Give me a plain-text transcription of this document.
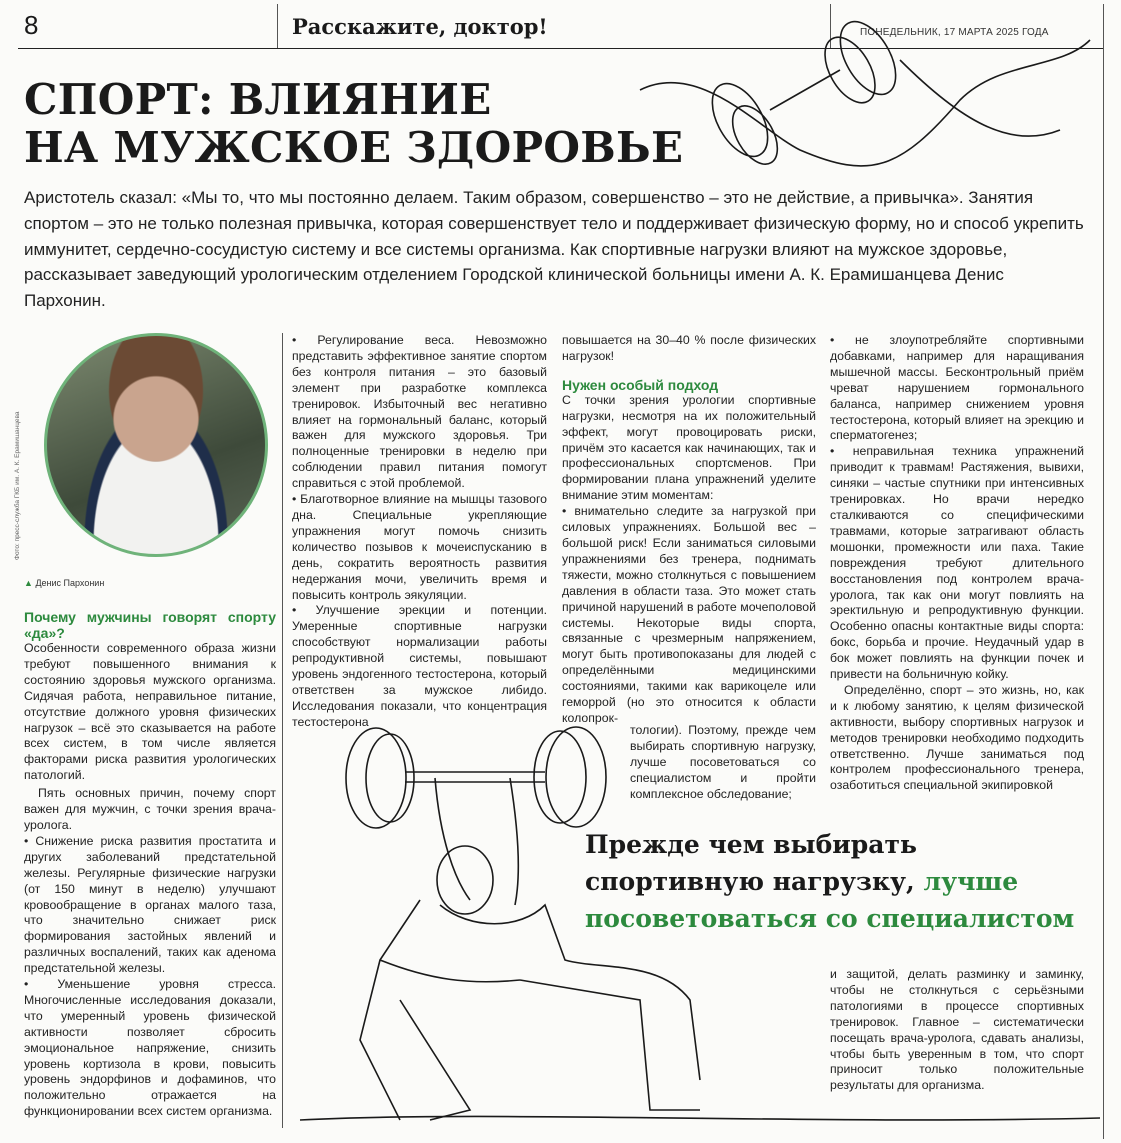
8	Расскажите, доктор!	ПОНЕДЕЛЬНИК, 17 МАРТА 2025 ГОДА
СПОРТ: ВЛИЯНИЕ
НА МУЖСКОЕ ЗДОРОВЬЕ
Аристотель сказал: «Мы то, что мы постоянно делаем. Таким образом, совершенство – это не действие, а привычка». Занятия спортом – это не только полезная привычка, которая совершенствует тело и поддерживает физическую форму, но и способ укрепить иммунитет, сердечно-сосудистую систему и все системы организма. Как спортивные нагрузки влияют на мужское здоровье, рассказывает заведующий урологическим отделением Городской клинической больницы имени А. К. Ерамишанцева Денис Пархонин.
Фото: пресс-служба ГКБ им. А. К. Ерамишанцева
▲ Денис Пархонин

Почему мужчины говорят спорту «да»?

Особенности современного образа жизни требуют повышенного внимания к состоянию здоровья мужского организма. Сидячая работа, неправильное питание, отсутствие должного уровня физических нагрузок – всё это сказывается на работе всех систем, в том числе является факторами риска развития урологических патологий.

Пять основных причин, почему спорт важен для мужчин, с точки зрения врача-уролога.

• Снижение риска развития простатита и других заболеваний предстательной железы. Регулярные физические нагрузки (от 150 минут в неделю) улучшают кровообращение в органах малого таза, что значительно снижает риск формирования застойных явлений и различных воспалений, таких как аденома предстательной железы.

• Уменьшение уровня стресса. Многочисленные исследования доказали, что умеренный уровень физической активности позволяет сбросить эмоциональное напряжение, снизить уровень кортизола в крови, повысить уровень эндорфинов и дофаминов, что положительно отражается на функционировании всех систем организма.

• Регулирование веса. Невозможно представить эффективное занятие спортом без контроля питания – это базовый элемент при разработке комплекса тренировок. Избыточный вес негативно влияет на гормональный баланс, который важен для мужского здоровья. Три полноценные тренировки в неделю при соблюдении правил питания помогут справиться с этой проблемой.

• Благотворное влияние на мышцы тазового дна. Специальные укрепляющие упражнения могут помочь снизить количество позывов к мочеиспусканию в день, сократить вероятность развития недержания мочи, увеличить время и повысить контроль эякуляции.

• Улучшение эрекции и потенции. Умеренные спортивные нагрузки способствуют нормализации работы репродуктивной системы, повышают уровень эндогенного тестостерона, который ответствен за мужское либидо. Исследования показали, что концентрация тестостерона

повышается на 30–40 % после физических нагрузок!

Нужен особый подход

С точки зрения урологии спортивные нагрузки, несмотря на их положительный эффект, могут провоцировать риски, причём это касается как начинающих, так и профессиональных спортсменов. При формировании плана упражнений уделите внимание этим моментам:

• внимательно следите за нагрузкой при силовых упражнениях. Большой вес – большой риск! Если заниматься силовыми упражнениями без тренера, поднимать тяжести, можно столкнуться с повышением давления в области таза. Это может стать причиной нарушений в работе мочеполовой системы. Некоторые виды спорта, связанные с чрезмерным напряжением, могут быть противопоказаны для людей с определёнными медицинскими состояниями, такими как варикоцеле или геморрой (но это относится к области колопрок-

тологии). Поэтому, прежде чем выбирать спортивную нагрузку, лучше посоветоваться со специалистом и пройти комплексное обследование;

• не злоупотребляйте спортивными добавками, например для наращивания мышечной массы. Бесконтрольный приём чреват нарушением гормонального баланса, например снижением уровня тестостерона, который влияет на эрекцию и сперматогенез;

• неправильная техника упражнений приводит к травмам! Растяжения, вывихи, синяки – частые спутники при интенсивных тренировках. Но врачи нередко сталкиваются со специфическими травмами, которые затрагивают область мошонки, промежности или паха. Такие повреждения требуют длительного восстановления под контролем врача-уролога, так как они могут повлиять на эректильную и репродуктивную функции. Особенно опасны контактные виды спорта: бокс, борьба и прочие. Неудачный удар в бок может повлиять на функции почек и привести на больничную койку.

Определённо, спорт – это жизнь, но, как и к любому занятию, к целям физической активности, выбору спортивных нагрузок и методов тренировки необходимо подходить ответственно. Лучше заниматься под контролем профессионального тренера, озаботиться специальной экипировкой

и защитой, делать разминку и заминку, чтобы не столкнуться с серьёзными патологиями в процессе спортивных тренировок. Главное – систематически посещать врача-уролога, сдавать анализы, чтобы быть уверенным в том, что спорт приносит только положительные результаты для организма.

Прежде чем выбирать
спортивную нагрузку, лучше
посоветоваться со специалистом
